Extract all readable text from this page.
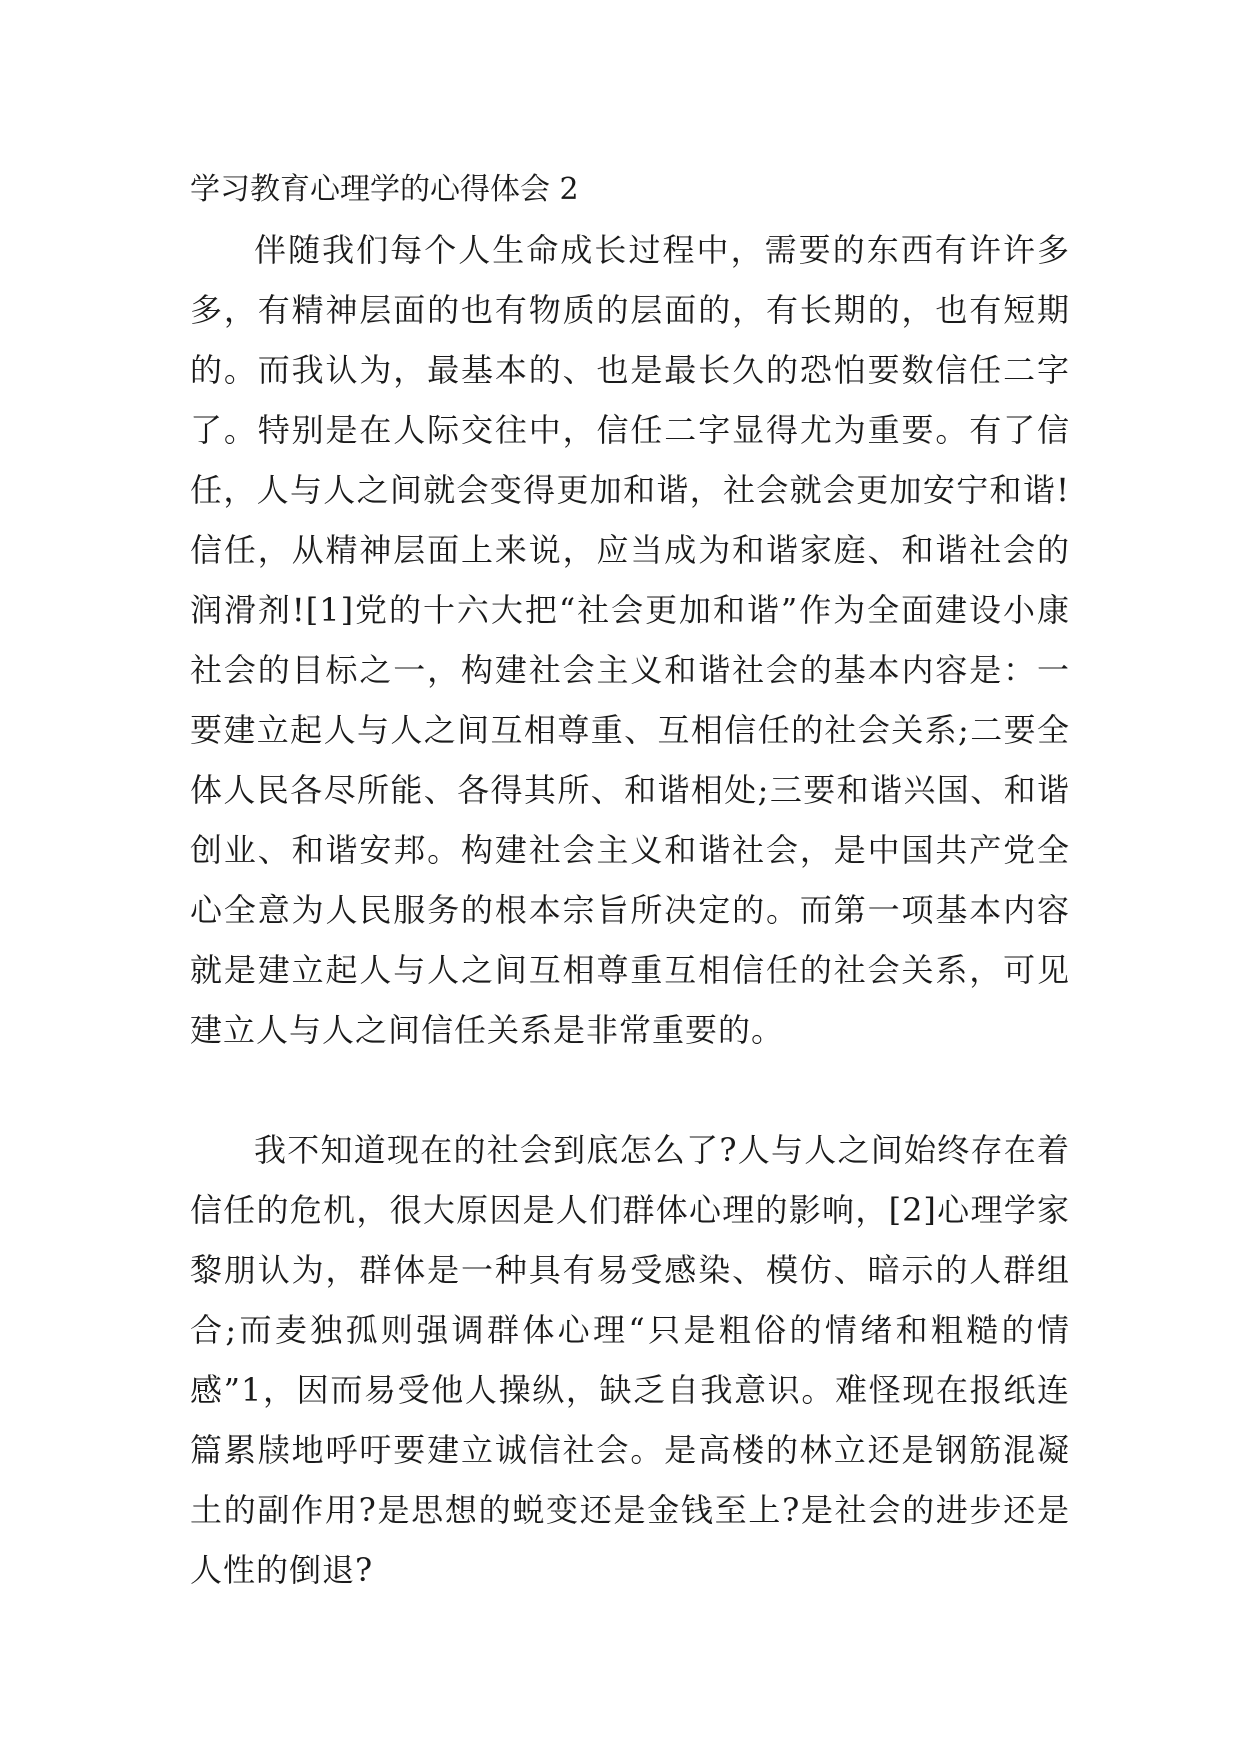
学习教育心理学的心得体会 2

伴随我们每个人生命成长过程中，需要的东西有许许多多，有精神层面的也有物质的层面的，有长期的，也有短期的。而我认为，最基本的、也是最长久的恐怕要数信任二字了。特别是在人际交往中，信任二字显得尤为重要。有了信任，人与人之间就会变得更加和谐，社会就会更加安宁和谐!信任，从精神层面上来说，应当成为和谐家庭、和谐社会的润滑剂![1]党的十六大把“社会更加和谐”作为全面建设小康社会的目标之一，构建社会主义和谐社会的基本内容是：一要建立起人与人之间互相尊重、互相信任的社会关系;二要全体人民各尽所能、各得其所、和谐相处;三要和谐兴国、和谐创业、和谐安邦。构建社会主义和谐社会，是中国共产党全心全意为人民服务的根本宗旨所决定的。而第一项基本内容就是建立起人与人之间互相尊重互相信任的社会关系，可见建立人与人之间信任关系是非常重要的。

我不知道现在的社会到底怎么了?人与人之间始终存在着信任的危机，很大原因是人们群体心理的影响，[2]心理学家黎朋认为，群体是一种具有易受感染、模仿、暗示的人群组合;而麦独孤则强调群体心理“只是粗俗的情绪和粗糙的情感”1，因而易受他人操纵，缺乏自我意识。难怪现在报纸连篇累牍地呼吁要建立诚信社会。是高楼的林立还是钢筋混凝土的副作用?是思想的蜕变还是金钱至上?是社会的进步还是人性的倒退?
